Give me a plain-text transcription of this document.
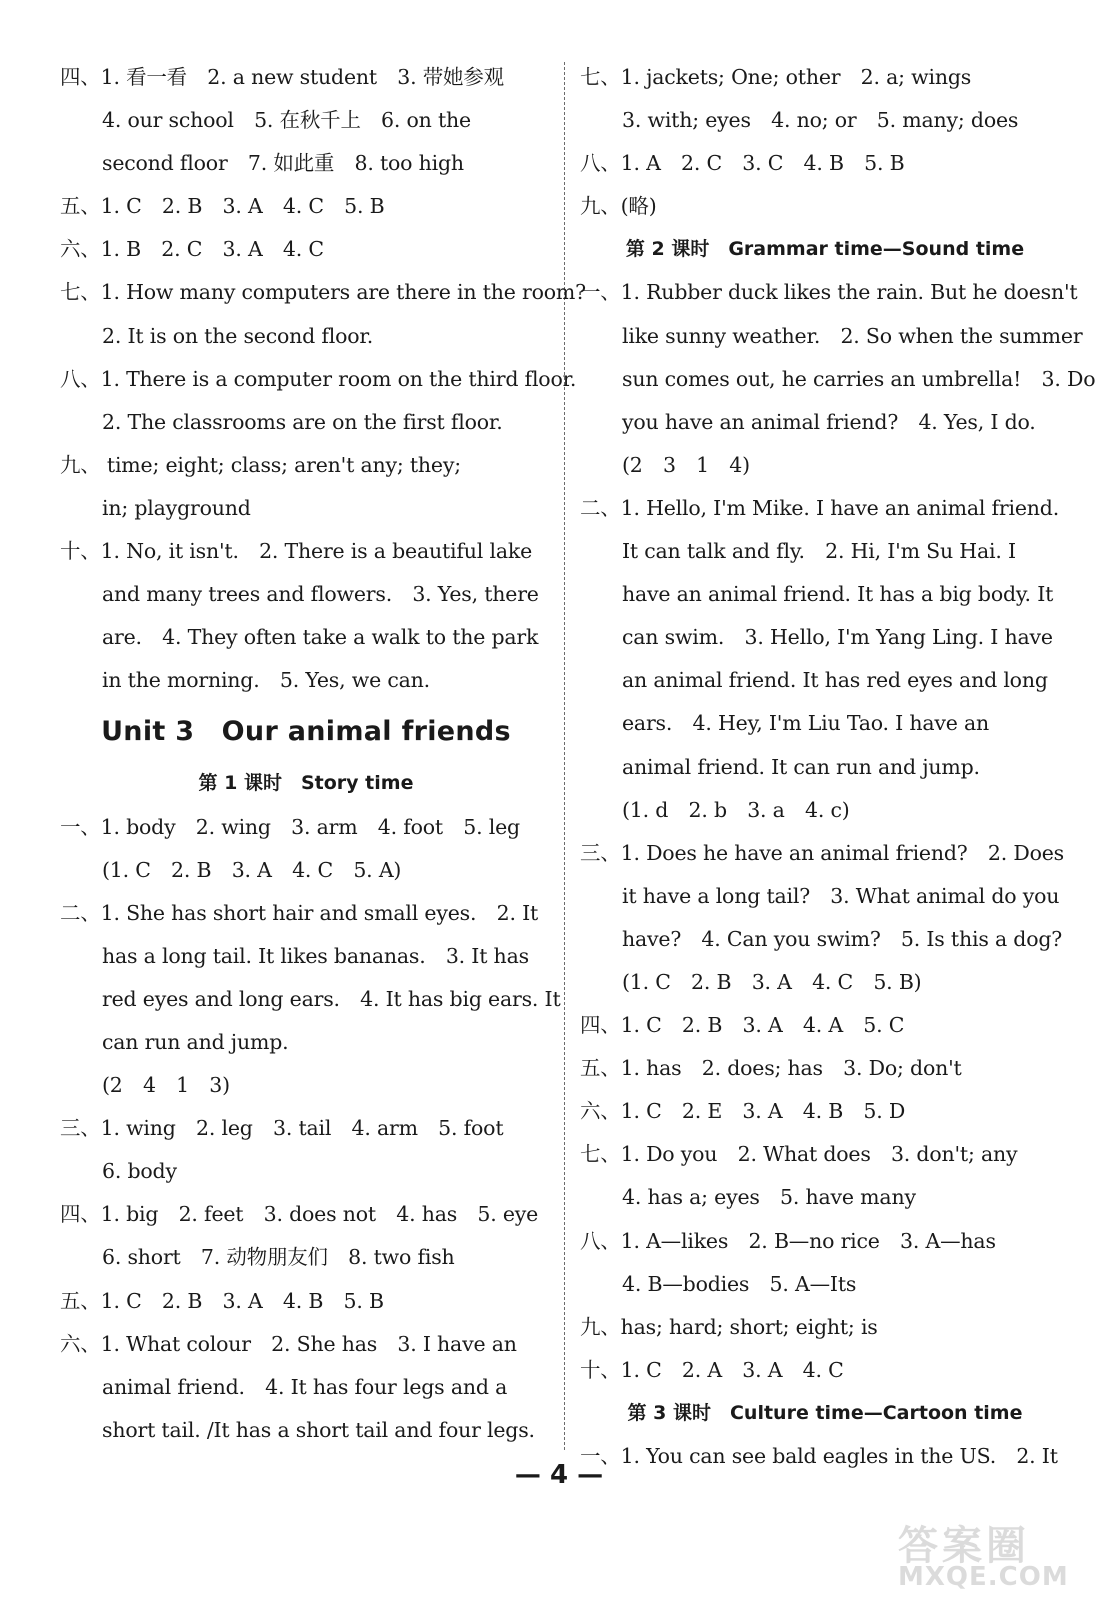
四、1. 看一看　2. a new student　3. 带她参观
4. our school　5. 在秋千上　6. on the
second floor　7. 如此重　8. too high
五、1. C　2. B　3. A　4. C　5. B
六、1. B　2. C　3. A　4. C
七、1. How many computers are there in the room?
2. It is on the second floor.
八、1. There is a computer room on the third floor.
2. The classrooms are on the first floor.
九、 time; eight; class; aren't any; they;
in; playground
十、1. No, it isn't.　2. There is a beautiful lake
and many trees and flowers.　3. Yes, there
are.　4. They often take a walk to the park
in the morning.　5. Yes, we can.
Unit 3　Our animal friends
第 1 课时　Story time
一、1. body　2. wing　3. arm　4. foot　5. leg
(1. C　2. B　3. A　4. C　5. A)
二、1. She has short hair and small eyes.　2. It
has a long tail. It likes bananas.　3. It has
red eyes and long ears.　4. It has big ears. It
can run and jump.
(2　4　1　3)
三、1. wing　2. leg　3. tail　4. arm　5. foot
6. body
四、1. big　2. feet　3. does not　4. has　5. eye
6. short　7. 动物朋友们　8. two fish
五、1. C　2. B　3. A　4. B　5. B
六、1. What colour　2. She has　3. I have an
animal friend.　4. It has four legs and a
short tail. /It has a short tail and four legs.
七、1. jackets; One; other　2. a; wings
3. with; eyes　4. no; or　5. many; does
八、1. A　2. C　3. C　4. B　5. B
九、(略)
第 2 课时　Grammar time—Sound time
一、1. Rubber duck likes the rain. But he doesn't
like sunny weather.　2. So when the summer
sun comes out, he carries an umbrella!　3. Do
you have an animal friend?　4. Yes, I do.
(2　3　1　4)
二、1. Hello, I'm Mike. I have an animal friend.
It can talk and fly.　2. Hi, I'm Su Hai. I
have an animal friend. It has a big body. It
can swim.　3. Hello, I'm Yang Ling. I have
an animal friend. It has red eyes and long
ears.　4. Hey, I'm Liu Tao. I have an
animal friend. It can run and jump.
(1. d　2. b　3. a　4. c)
三、1. Does he have an animal friend?　2. Does
it have a long tail?　3. What animal do you
have?　4. Can you swim?　5. Is this a dog?
(1. C　2. B　3. A　4. C　5. B)
四、1. C　2. B　3. A　4. A　5. C
五、1. has　2. does; has　3. Do; don't
六、1. C　2. E　3. A　4. B　5. D
七、1. Do you　2. What does　3. don't; any
4. has a; eyes　5. have many
八、1. A—likes　2. B—no rice　3. A—has
4. B—bodies　5. A—Its
九、has; hard; short; eight; is
十、1. C　2. A　3. A　4. C
第 3 课时　Culture time—Cartoon time
一、1. You can see bald eagles in the US.　2. It
— 4 —
答案圈
MXQE.COM
